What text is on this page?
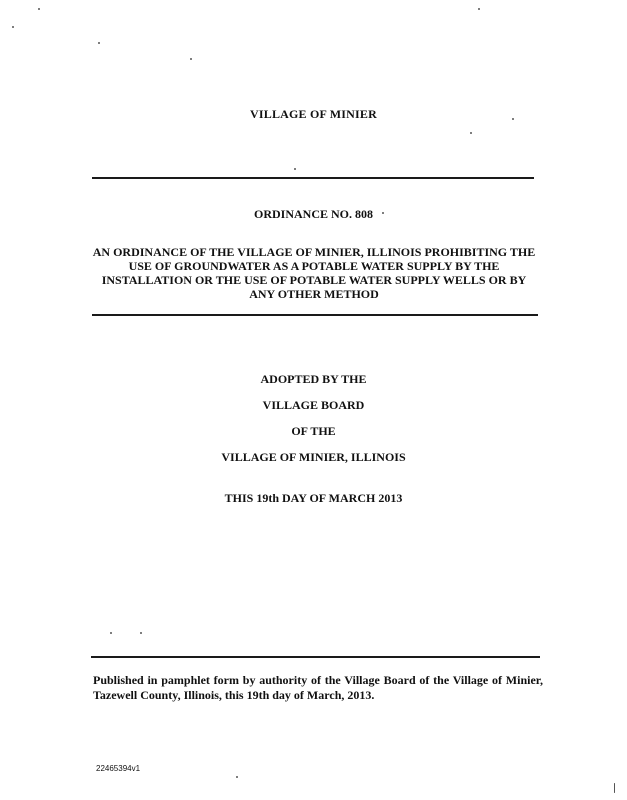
VILLAGE OF MINIER
ORDINANCE NO. 808
AN ORDINANCE OF THE VILLAGE OF MINIER, ILLINOIS PROHIBITING THE USE OF GROUNDWATER AS A POTABLE WATER SUPPLY BY THE INSTALLATION OR THE USE OF POTABLE WATER SUPPLY WELLS OR BY ANY OTHER METHOD
ADOPTED BY THE
VILLAGE BOARD
OF THE
VILLAGE OF MINIER, ILLINOIS
THIS 19th DAY OF MARCH 2013
Published in pamphlet form by authority of the Village Board of the Village of Minier, Tazewell County, Illinois, this 19th day of March, 2013.
22465394v1
